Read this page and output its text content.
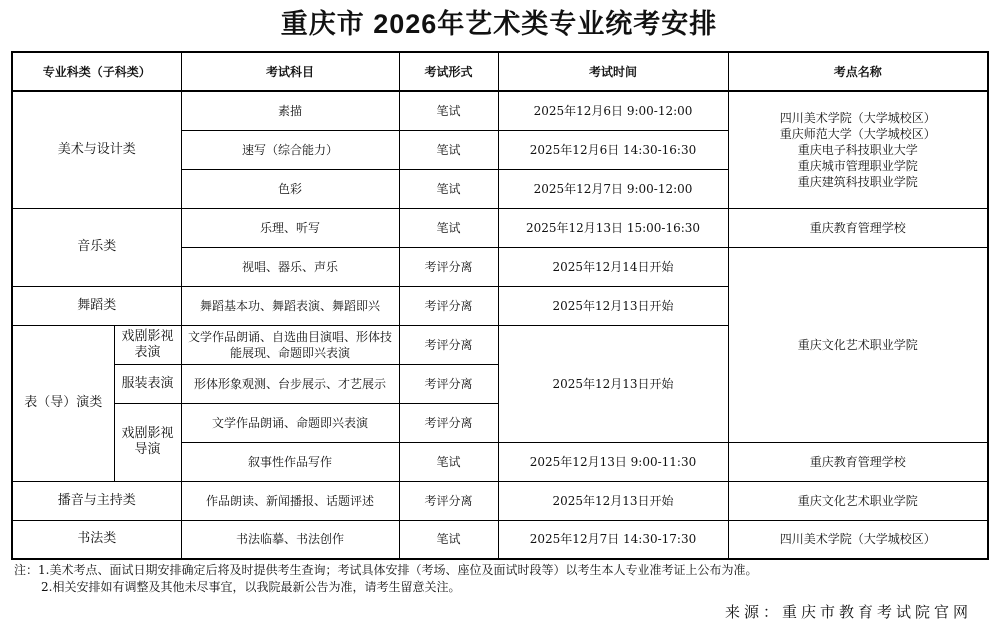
重庆市 2026年艺术类专业统考安排
专业科类（子科类）		考试科目	考试形式	考试时间	考点名称
美术与设计类		素描	笔试	2025年12月6日 9:00-12:00	四川美术学院（大学城校区）
重庆师范大学（大学城校区）
重庆电子科技职业大学
重庆城市管理职业学院
重庆建筑科技职业学院

		速写（综合能力）	笔试	2025年12月6日 14:30-16:30	
		色彩	笔试	2025年12月7日 9:00-12:00	
音乐类		乐理、听写	笔试	2025年12月13日 15:00-16:30	重庆教育管理学校
		视唱、器乐、声乐	考评分离	2025年12月14日开始	重庆文化艺术职业学院
舞蹈类		舞蹈基本功、舞蹈表演、舞蹈即兴	考评分离	2025年12月13日开始	
表（导）演类	戏剧影视表演	文学作品朗诵、自选曲目演唱、形体技能展现、命题即兴表演	考评分离	2025年12月13日开始	
	服装表演	形体形象观测、台步展示、才艺展示	考评分离		
	戏剧影视导演	文学作品朗诵、命题即兴表演	考评分离		
		叙事性作品写作	笔试	2025年12月13日 9:00-11:30	重庆教育管理学校
播音与主持类		作品朗读、新闻播报、话题评述	考评分离	2025年12月13日开始	重庆文化艺术职业学院
书法类		书法临摹、书法创作	笔试	2025年12月7日 14:30-17:30	四川美术学院（大学城校区）
注：1.美术考点、面试日期安排确定后将及时提供考生查询；考试具体安排（考场、座位及面试时段等）以考生本人专业准考证上公布为准。
2.相关安排如有调整及其他未尽事宜，以我院最新公告为准，请考生留意关注。
来源：重庆市教育考试院官网
